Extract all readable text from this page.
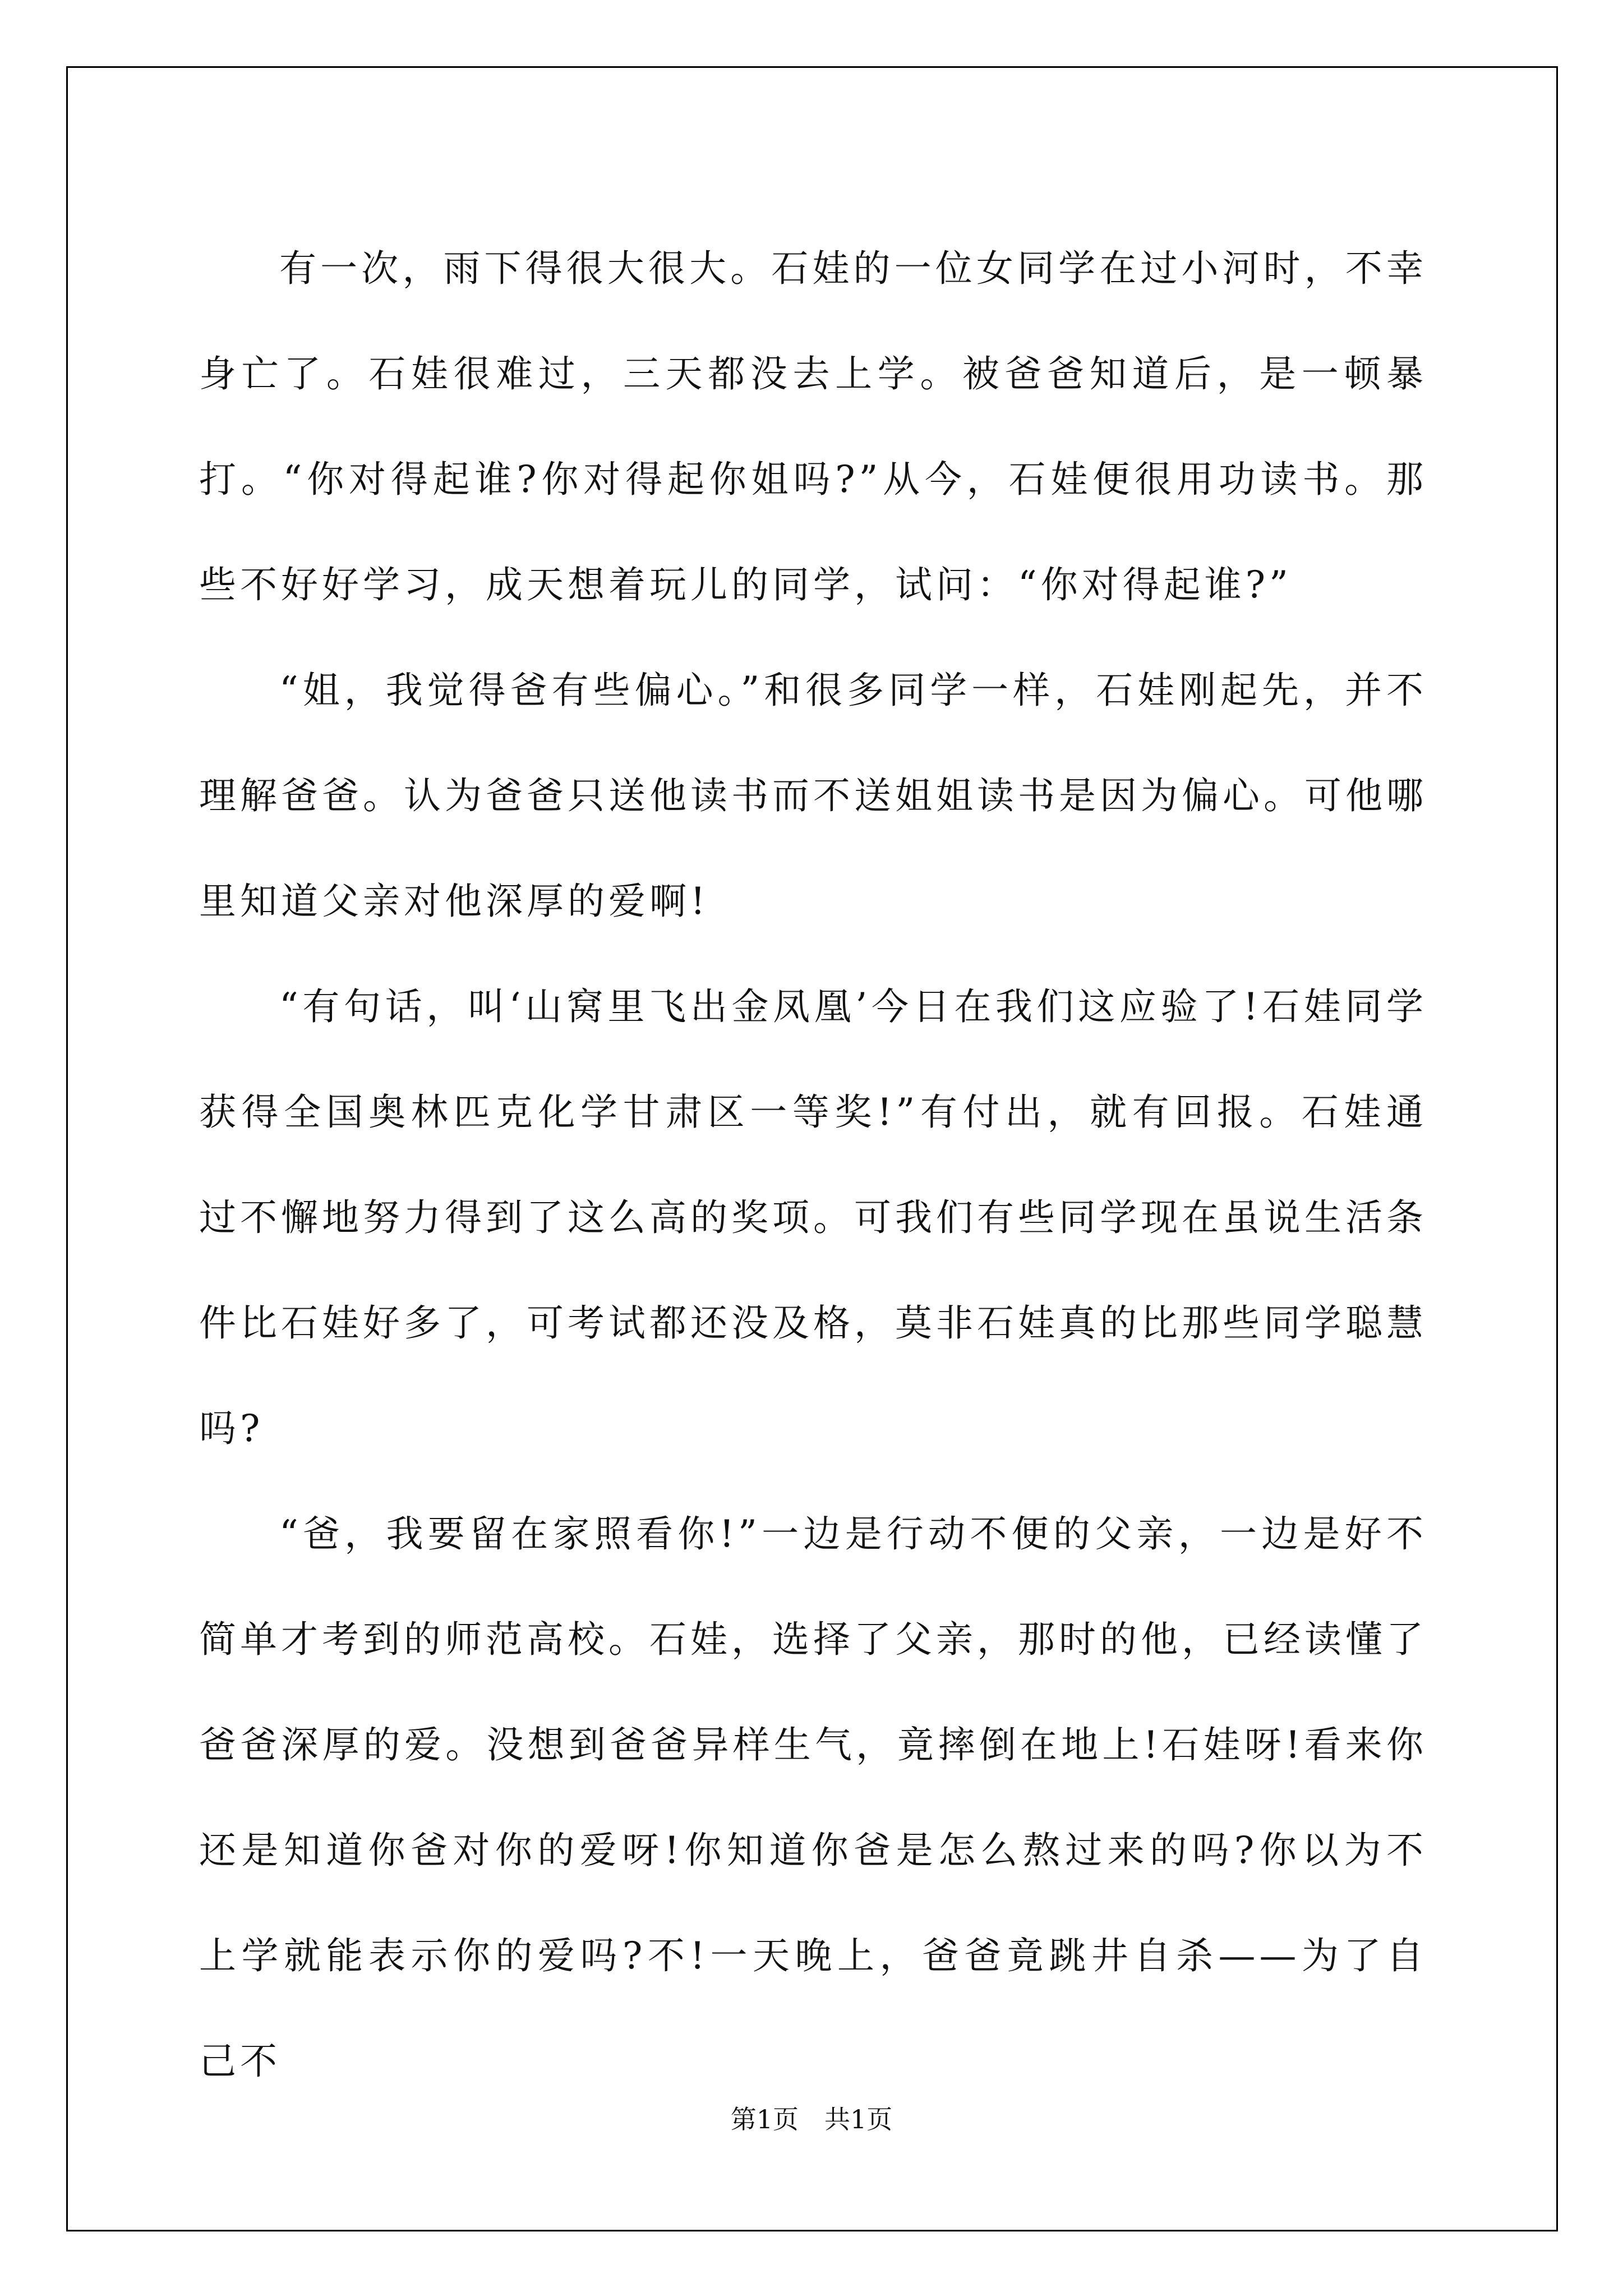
有一次，雨下得很大很大。石娃的一位女同学在过小河时，不幸身亡了。石娃很难过，三天都没去上学。被爸爸知道后，是一顿暴打。“你对得起谁?你对得起你姐吗?”从今，石娃便很用功读书。那些不好好学习，成天想着玩儿的同学，试问：“你对得起谁?”

“姐，我觉得爸有些偏心。”和很多同学一样，石娃刚起先，并不理解爸爸。认为爸爸只送他读书而不送姐姐读书是因为偏心。可他哪里知道父亲对他深厚的爱啊!

“有句话，叫‘山窝里飞出金凤凰’今日在我们这应验了!石娃同学获得全国奥林匹克化学甘肃区一等奖!”有付出，就有回报。石娃通过不懈地努力得到了这么高的奖项。可我们有些同学现在虽说生活条件比石娃好多了，可考试都还没及格，莫非石娃真的比那些同学聪慧吗?

“爸，我要留在家照看你!”一边是行动不便的父亲，一边是好不简单才考到的师范高校。石娃，选择了父亲，那时的他，已经读懂了爸爸深厚的爱。没想到爸爸异样生气，竟摔倒在地上!石娃呀!看来你还是知道你爸对你的爱呀!你知道你爸是怎么熬过来的吗?你以为不上学就能表示你的爱吗?不!一天晚上，爸爸竟跳井自杀——为了自己不

第1页　共1页
